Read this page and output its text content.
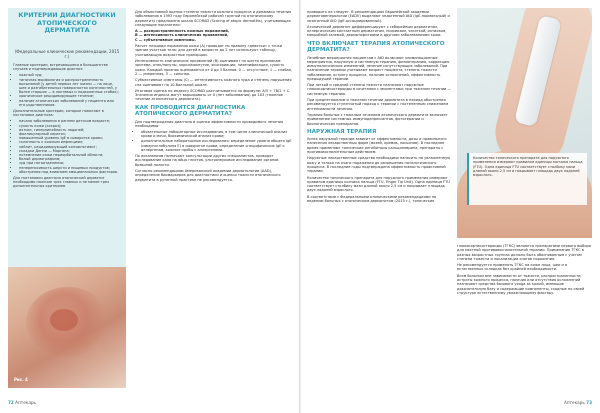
КРИТЕРИИ ДИАГНОСТИКИ АТОПИЧЕСКОГО ДЕРМАТИТА
(Федеральные клинические рекомендации, 2015 г.)

Главные критерии, встречающиеся в большинстве случаев и подтверждающие диагноз:

• кожный зуд;
• типичная морфология и распространенность высыпаний (у детей первых лет жизни — на лице, шее и разгибательных поверхностях конечностей, у более старших — в локтевых и подколенных сгибах);
• хроническое рецидивирующее течение;
• наличие атопических заболеваний у пациента или его родственников.

Дополнительные критерии, которые помогают в постановке диагноза:

• начало заболевания в раннем детском возрасте;
• сухость кожи (ксероз);
• ихтиоз, гиперлинейность ладоней;
• фолликулярный кератоз;
• повышенный уровень IgE в сыворотке крови;
• склонность к кожным инфекциям;
• хейлит, рецидивирующий конъюнктивит;
• складки Денни — Моргана;
• потемнение кожи периорбитальной области;
• белый дермографизм;
• зуд при потоотделении;
• непереносимость шерсти и пищевых продуктов;
• обострения под влиянием эмоциональных факторов.

Для постановки диагноза атопический дерматит необходимо наличие трех главных и не менее трех дополнительных критериев.

Рис. 4

Для объективной оценки степени тяжести кожного процесса и динамики течения заболевания в 1993 году Европейской рабочей группой по атопическому дерматиту предложена шкала SCORAD (Scoring of atopic dermatitis), учитывающая следующие показатели:

А — распространенность кожных поражений,
В — интенсивность клинических проявлений,
С — субъективные симптомы.

Расчет площади поражения кожи (А) проводят по правилу «девятки» с точки зрения участков тела; для детей в возрасте до 2 лет используют таблицу, учитывающую возрастные пропорции.

Интенсивность клинических проявлений (В) оценивают по шести признакам: эритема, отек/папулы, корки/мокнутие, экскориации, лихенификация, сухость кожи. Каждый признак оценивается от 0 до 3 баллов: 0 — отсутствие, 1 — слабая, 2 — умеренная, 3 — сильная.

Субъективные симптомы (С) — интенсивность кожного зуда и степень нарушения сна оценивают по 10-балльной шкале.

Итоговая оценка по индексу SCORAD рассчитывается по формуле: A/5 + 7B/2 + C. Значения индекса могут варьировать от 0 (нет заболевания) до 103 (тяжелое течение атопического дерматита).

КАК ПРОВОДИТСЯ ДИАГНОСТИКА АТОПИЧЕСКОГО ДЕРМАТИТА?

Для подтверждения диагноза и оценки эффективности проводимого лечения необходимы:

• обязательные лабораторные исследования, в том числе клинический анализ крови и мочи, биохимический анализ крови;
• дополнительные лабораторные исследования: определение уровня общего IgE (иммуноглобулина E) в сыворотке крови, определение специфических IgE к аллергенам, кожные пробы с аллергенами.

По показаниям назначают консультации других специалистов, проводят исследование кала на яйца глистов, ультразвуковое исследование органов брюшной полости.

Согласно рекомендациям Американской академии дерматологии (AAD), определение биомаркеров для диагностики и оценки тяжести атопического дерматита в рутинной практике не рекомендуется.

проводить не следует. В рекомендациях Европейской академии дерматовенерологии (EADV) выделяют эндогенный AtD (IgE-нормальный) и экзогенный AtD (IgE-ассоциированный).

Атопический дерматит дифференцируют с себорейным дерматитом, аллергическим контактным дерматитом, псориазом, чесоткой, ихтиозом, микробной экземой, дерматофитиями и другими заболеваниями кожи.

ЧТО ВКЛЮЧАЕТ ТЕРАПИЯ АТОПИЧЕСКОГО ДЕРМАТИТА?

Лечебные мероприятия пациентам с AtD включают элиминационные мероприятия, наружную и системную терапию, физиотерапию, коррекцию иммунологических изменений, лечение сопутствующих заболеваний. При назначении терапии учитывают возраст пациента, степень тяжести заболевания, остроту процесса, наличие осложнений, эффективность предыдущей терапии.

При легкой и средней степени тяжести назначают наружные глюкокортикостероиды в сочетании с эмолентами; при тяжелом течении — системную терапию.

При среднетяжелом и тяжелом течении дерматита в период обострения рекомендуется ступенчатый подход к терапии с постепенным снижением интенсивности лечения.

Терапия больных с тяжелым течением атопического дерматита включает применение системных иммунодепрессантов, фототерапии и биологических препаратов.

НАРУЖНАЯ ТЕРАПИЯ

Успех наружной терапии зависит от эффективности, дозы и правильного нанесения лекарственных форм (мазей, кремов, лосьонов). В последнее время применяют топические ингибиторы кальциневрина, препараты с противовоспалительным действием.

Наружные лекарственные средства необходимо наносить на увлажненную кожу и только на очаги поражения до разрешения патологического процесса. В последние годы подтверждена эффективность проактивной терапии.

Количество топического препарата для наружного применения измеряют правилом единицы кончика пальца (FTU, Finger Tip Unit). Одна единица FTU соответствует столбику мази длиной около 2,5 см и покрывает площадь двух ладоней взрослого.

В соответствии с Федеральными клиническими рекомендациями по ведению больных с атопическим дерматитом (2015 г.), топические

Количество топического препарата для наружного применения измеряют правилом единицы кончика пальца (FTU). Одна единица FTU соответствует столбику мази длиной около 2,5 см и покрывает площадь двух ладоней взрослого.

глюкокортикостероиды (ТГКС) являются препаратами первого выбора для местной противовоспалительной терапии. Применение ТГКС в разных возрастных группах должно быть обоснованным с учетом степени тяжести и локализации очагов поражения.

Не рекомендуется применять ТГКС на коже лица, шеи и в естественных складках без крайней необходимости.

Всем больным вне зависимости от тяжести, распространенности, остроты кожного процесса, наличия или отсутствия осложнений назначают средства базового ухода за кожей, имеющие доказательную базу и содержащие компоненты, сходные по своей структуре естественному увлажняющему фактору.

72 Аптекарь	Аптекарь 73
